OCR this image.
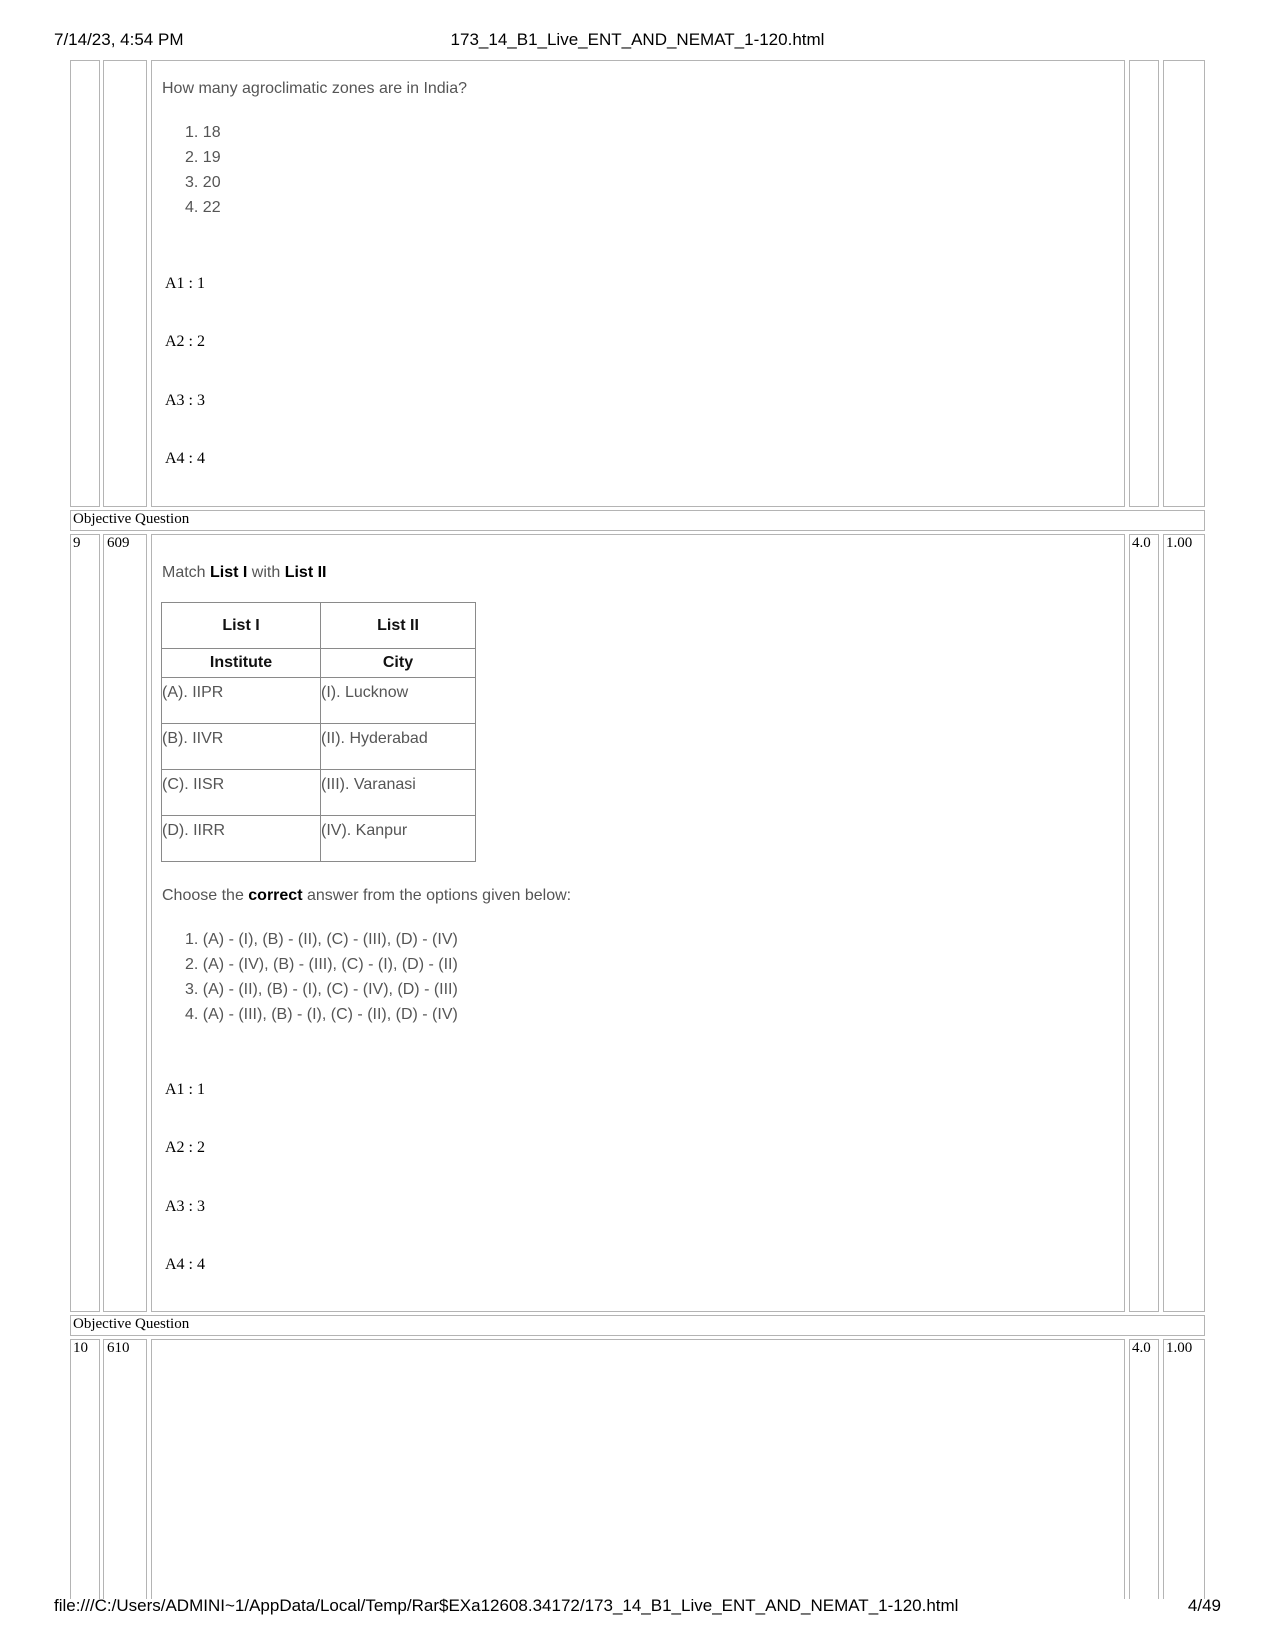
7/14/23, 4:54 PM	173_14_B1_Live_ENT_AND_NEMAT_1-120.html
file:///C:/Users/ADMINI~1/AppData/Local/Temp/Rar$EXa12608.34172/173_14_B1_Live_ENT_AND_NEMAT_1-120.html	4/49
How many agroclimatic zones are in India?
1. 18
2. 19
3. 20
4. 22
A1 : 1
A2 : 2
A3 : 3
A4 : 4
Objective Question
9 609	4.0 1.00
Match List I with List II
List I	List II
Institute	City
(A). IIPR	(I). Lucknow
(B). IIVR	(II). Hyderabad
(C). IISR	(III). Varanasi
(D). IIRR	(IV). Kanpur
Choose the correct answer from the options given below:
1. (A) - (I), (B) - (II), (C) - (III), (D) - (IV)
2. (A) - (IV), (B) - (III), (C) - (I), (D) - (II)
3. (A) - (II), (B) - (I), (C) - (IV), (D) - (III)
4. (A) - (III), (B) - (I), (C) - (II), (D) - (IV)
A1 : 1
A2 : 2
A3 : 3
A4 : 4
Objective Question
10 610	4.0 1.00
